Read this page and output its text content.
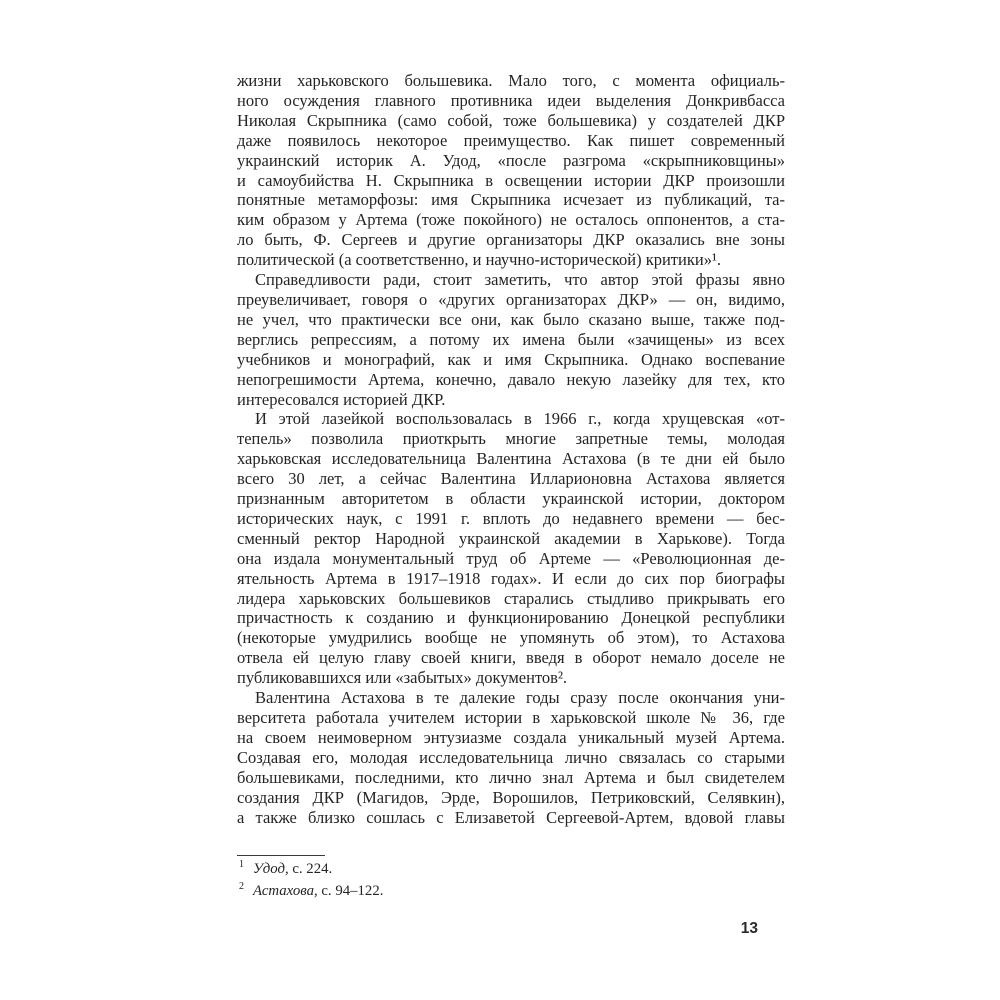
жизни харьковского большевика. Мало того, с момента официаль-
ного осуждения главного противника идеи выделения Донкривбасса
Николая Скрыпника (само собой, тоже большевика) у создателей ДКР
даже появилось некоторое преимущество. Как пишет современный
украинский историк А. Удод, «после разгрома «скрыпниковщины»
и самоубийства Н. Скрыпника в освещении истории ДКР произошли
понятные метаморфозы: имя Скрыпника исчезает из публикаций, та-
ким образом у Артема (тоже покойного) не осталось оппонентов, а ста-
ло быть, Ф. Сергеев и другие организаторы ДКР оказались вне зоны
политической (а соответственно, и научно-исторической) критики»¹.
Справедливости ради, стоит заметить, что автор этой фразы явно
преувеличивает, говоря о «других организаторах ДКР» — он, видимо,
не учел, что практически все они, как было сказано выше, также под-
верглись репрессиям, а потому их имена были «зачищены» из всех
учебников и монографий, как и имя Скрыпника. Однако воспевание
непогрешимости Артема, конечно, давало некую лазейку для тех, кто
интересовался историей ДКР.
И этой лазейкой воспользовалась в 1966 г., когда хрущевская «от-
тепель» позволила приоткрыть многие запретные темы, молодая
харьковская исследовательница Валентина Астахова (в те дни ей было
всего 30 лет, а сейчас Валентина Илларионовна Астахова является
признанным авторитетом в области украинской истории, доктором
исторических наук, с 1991 г. вплоть до недавнего времени — бес-
сменный ректор Народной украинской академии в Харькове). Тогда
она издала монументальный труд об Артеме — «Революционная де-
ятельность Артема в 1917–1918 годах». И если до сих пор биографы
лидера харьковских большевиков старались стыдливо прикрывать его
причастность к созданию и функционированию Донецкой республики
(некоторые умудрились вообще не упомянуть об этом), то Астахова
отвела ей целую главу своей книги, введя в оборот немало доселе не
публиковавшихся или «забытых» документов².
Валентина Астахова в те далекие годы сразу после окончания уни-
верситета работала учителем истории в харьковской школе № 36, где
на своем неимоверном энтузиазме создала уникальный музей Артема.
Создавая его, молодая исследовательница лично связалась со старыми
большевиками, последними, кто лично знал Артема и был свидетелем
создания ДКР (Магидов, Эрде, Ворошилов, Петриковский, Селявкин),
а также близко сошлась с Елизаветой Сергеевой-Артем, вдовой главы
$^1$ Удод, с. 224.
$^2$ Астахова, с. 94–122.
13
